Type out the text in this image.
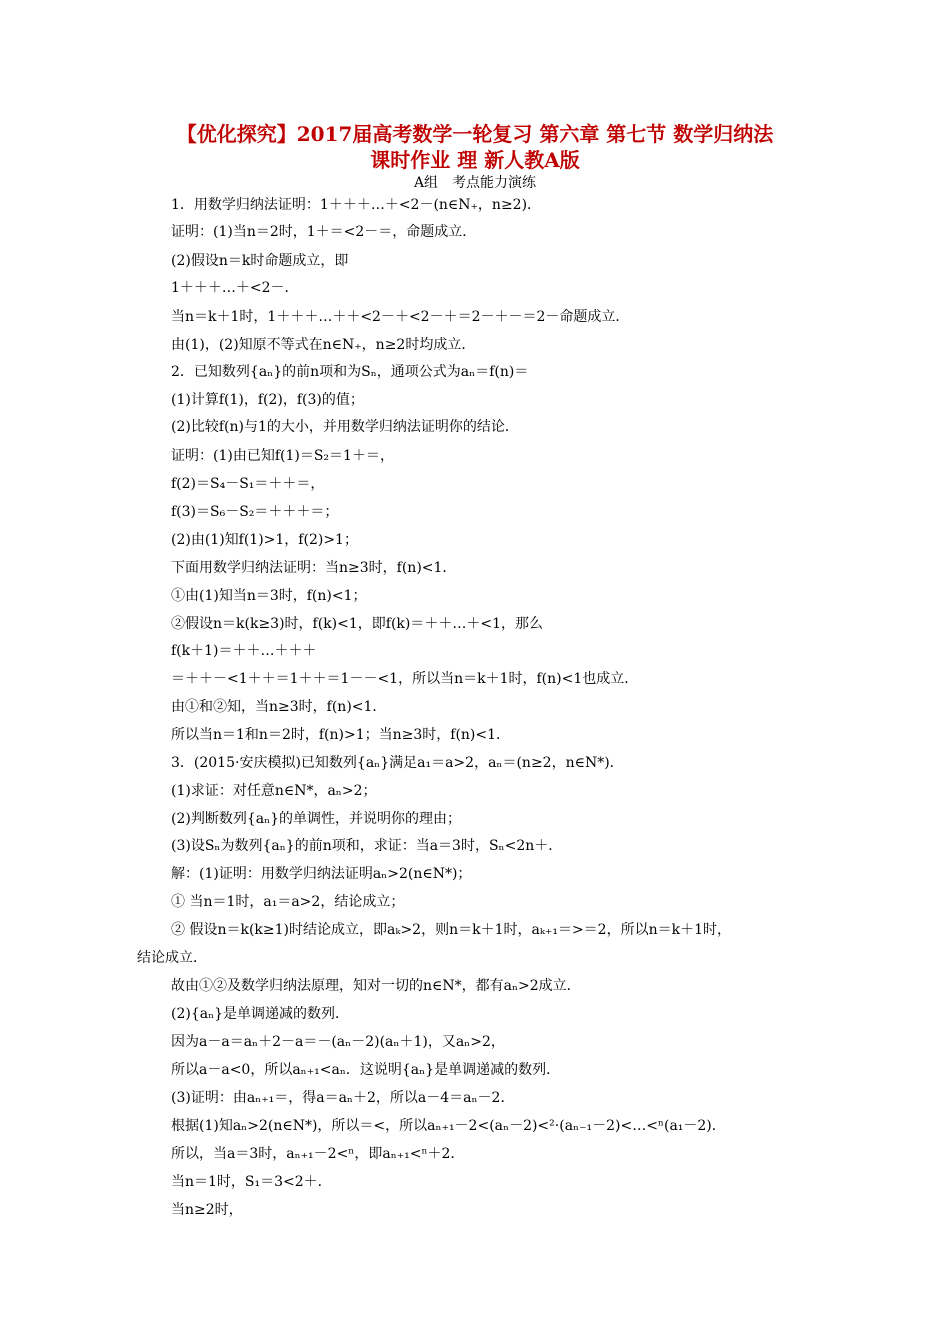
【优化探究】2017届高考数学一轮复习 第六章 第七节 数学归纳法
课时作业 理 新人教A版
A组　考点能力演练
1．用数学归纳法证明：1＋＋＋…＋<2－(n∈N₊，n≥2)．
证明：(1)当n＝2时，1＋＝<2－＝，命题成立．
(2)假设n＝k时命题成立，即
1＋＋＋…＋<2－．
当n＝k＋1时，1＋＋＋…＋＋<2－＋<2－＋＝2－＋－＝2－命题成立．
由(1)，(2)知原不等式在n∈N₊，n≥2时均成立．
2．已知数列{aₙ}的前n项和为Sₙ，通项公式为aₙ＝f(n)＝
(1)计算f(1)，f(2)，f(3)的值；
(2)比较f(n)与1的大小，并用数学归纳法证明你的结论．
证明：(1)由已知f(1)＝S₂＝1＋＝，
f(2)＝S₄－S₁＝＋＋＝，
f(3)＝S₆－S₂＝＋＋＋＝；
(2)由(1)知f(1)>1，f(2)>1；
下面用数学归纳法证明：当n≥3时，f(n)<1．
①由(1)知当n＝3时，f(n)<1；
②假设n＝k(k≥3)时，f(k)<1，即f(k)＝＋＋…＋<1，那么
f(k＋1)＝＋＋…＋＋＋
＝＋＋－<1＋＋＝1＋＋＝1－－<1，所以当n＝k＋1时，f(n)<1也成立．
由①和②知，当n≥3时，f(n)<1．
所以当n＝1和n＝2时，f(n)>1；当n≥3时，f(n)<1．
3．(2015·安庆模拟)已知数列{aₙ}满足a₁＝a>2，aₙ＝(n≥2，n∈N*)．
(1)求证：对任意n∈N*，aₙ>2；
(2)判断数列{aₙ}的单调性，并说明你的理由；
(3)设Sₙ为数列{aₙ}的前n项和，求证：当a＝3时，Sₙ<2n＋．
解：(1)证明：用数学归纳法证明aₙ>2(n∈N*)；
① 当n＝1时，a₁＝a>2，结论成立；
② 假设n＝k(k≥1)时结论成立，即aₖ>2，则n＝k＋1时，aₖ₊₁＝>＝2，所以n＝k＋1时，
结论成立．
故由①②及数学归纳法原理，知对一切的n∈N*，都有aₙ>2成立．
(2){aₙ}是单调递减的数列．
因为a－a＝aₙ＋2－a＝－(aₙ－2)(aₙ＋1)，又aₙ>2，
所以a－a<0，所以aₙ₊₁<aₙ．这说明{aₙ}是单调递减的数列．
(3)证明：由aₙ₊₁＝，得a＝aₙ＋2，所以a－4＝aₙ－2．
根据(1)知aₙ>2(n∈N*)，所以＝<，所以aₙ₊₁－2<(aₙ－2)<²·(aₙ₋₁－2)<…<ⁿ(a₁－2)．
所以，当a＝3时，aₙ₊₁－2<ⁿ，即aₙ₊₁<ⁿ＋2．
当n＝1时，S₁＝3<2＋．
当n≥2时，
